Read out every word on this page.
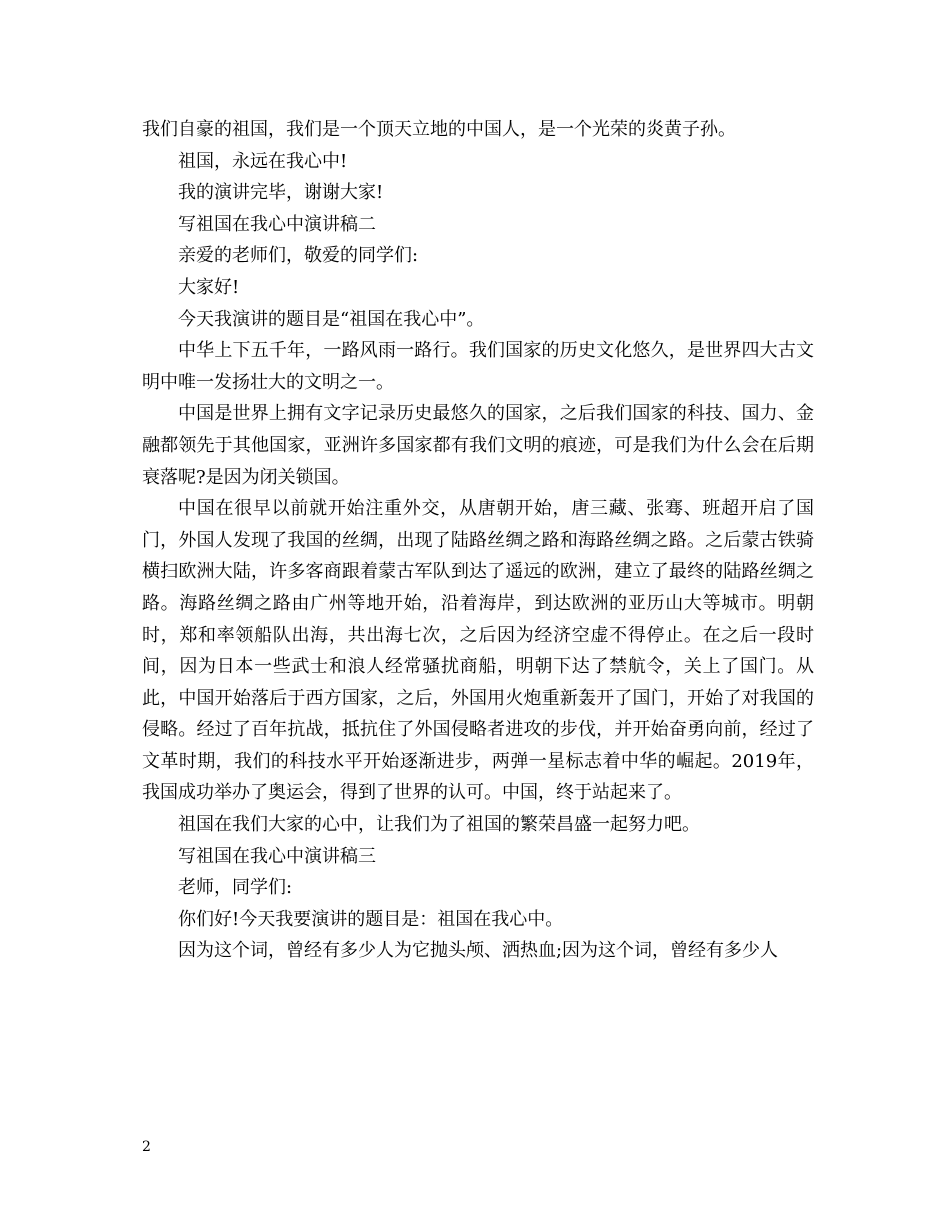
我们自豪的祖国，我们是一个顶天立地的中国人，是一个光荣的炎黄子孙。

祖国，永远在我心中!

我的演讲完毕，谢谢大家!

写祖国在我心中演讲稿二

亲爱的老师们，敬爱的同学们:

大家好!

今天我演讲的题目是“祖国在我心中”。

中华上下五千年，一路风雨一路行。我们国家的历史文化悠久，是世界四大古文明中唯一发扬壮大的文明之一。

中国是世界上拥有文字记录历史最悠久的国家，之后我们国家的科技、国力、金融都领先于其他国家，亚洲许多国家都有我们文明的痕迹，可是我们为什么会在后期衰落呢?是因为闭关锁国。

中国在很早以前就开始注重外交，从唐朝开始，唐三藏、张骞、班超开启了国门，外国人发现了我国的丝绸，出现了陆路丝绸之路和海路丝绸之路。之后蒙古铁骑横扫欧洲大陆，许多客商跟着蒙古军队到达了遥远的欧洲，建立了最终的陆路丝绸之路。海路丝绸之路由广州等地开始，沿着海岸，到达欧洲的亚历山大等城市。明朝时，郑和率领船队出海，共出海七次，之后因为经济空虚不得停止。在之后一段时间，因为日本一些武士和浪人经常骚扰商船，明朝下达了禁航令，关上了国门。从此，中国开始落后于西方国家，之后，外国用火炮重新轰开了国门，开始了对我国的侵略。经过了百年抗战，抵抗住了外国侵略者进攻的步伐，并开始奋勇向前，经过了文革时期，我们的科技水平开始逐渐进步，两弹一星标志着中华的崛起。2019年，我国成功举办了奥运会，得到了世界的认可。中国，终于站起来了。

祖国在我们大家的心中，让我们为了祖国的繁荣昌盛一起努力吧。

写祖国在我心中演讲稿三

老师，同学们:

你们好!今天我要演讲的题目是：祖国在我心中。

因为这个词，曾经有多少人为它抛头颅、洒热血;因为这个词，曾经有多少人

2
